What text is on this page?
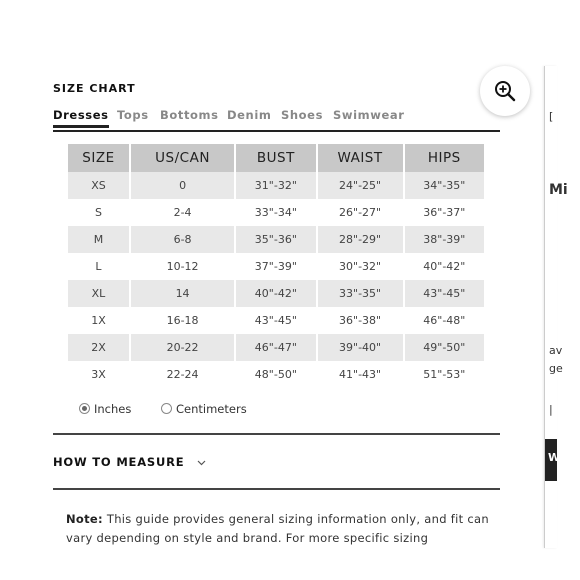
SIZE CHART
Dresses Tops Bottoms Denim Shoes Swimwear
SIZE	US/CAN	BUST	WAIST	HIPS
XS	0	31"-32"	24"-25"	34"-35"
S	2-4	33"-34"	26"-27"	36"-37"
M	6-8	35"-36"	28"-29"	38"-39"
L	10-12	37"-39"	30"-32"	40"-42"
XL	14	40"-42"	33"-35"	43"-45"
1X	16-18	43"-45"	36"-38"	46"-48"
2X	20-22	46"-47"	39"-40"	49"-50"
3X	22-24	48"-50"	41"-43"	51"-53"
Inches	Centimeters
HOW TO MEASURE
Note: This guide provides general sizing information only, and fit can
vary depending on style and brand. For more specific sizing
[
Mi
av
ge
|
W
